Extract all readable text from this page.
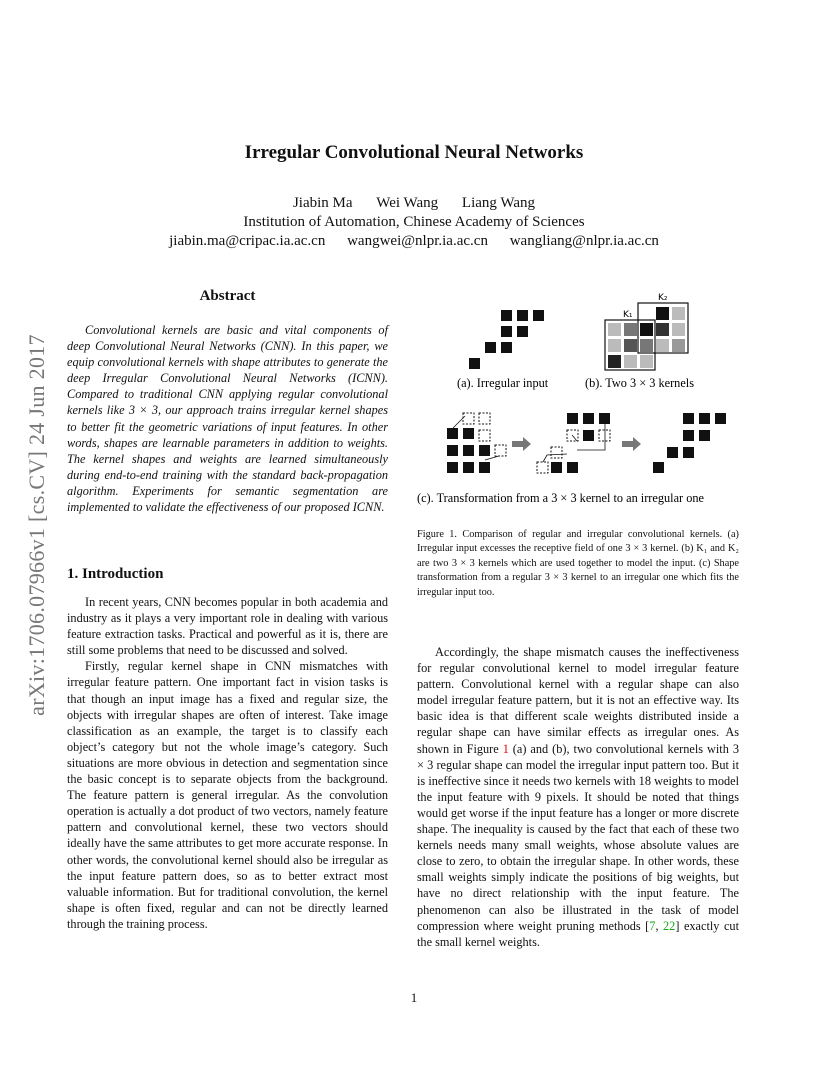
Irregular Convolutional Neural Networks
Jiabin Ma Wei Wang Liang Wang
Institution of Automation, Chinese Academy of Sciences
jiabin.ma@cripac.ia.ac.cn wangwei@nlpr.ia.ac.cn wangliang@nlpr.ia.ac.cn
arXiv:1706.07966v1 [cs.CV] 24 Jun 2017
Abstract

Convolutional kernels are basic and vital components of deep Convolutional Neural Networks (CNN). In this paper, we equip convolutional kernels with shape attributes to generate the deep Irregular Convolutional Neural Networks (ICNN). Compared to traditional CNN applying regular convolutional kernels like 3 × 3, our approach trains irregular kernel shapes to better fit the geometric variations of input features. In other words, shapes are learnable parameters in addition to weights. The kernel shapes and weights are learned simultaneously during end-to-end training with the standard back-propagation algorithm. Experiments for semantic segmentation are implemented to validate the effectiveness of our proposed ICNN.

1. Introduction

In recent years, CNN becomes popular in both academia and industry as it plays a very important role in dealing with various feature extraction tasks. Practical and powerful as it is, there are still some problems that need to be discussed and solved.

Firstly, regular kernel shape in CNN mismatches with irregular feature pattern. One important fact in vision tasks is that though an input image has a fixed and regular size, the objects with irregular shapes are often of interest. Take image classification as an example, the target is to classify each object’s category but not the whole image’s category. Such situations are more obvious in detection and segmentation since the basic concept is to separate objects from the background. The feature pattern is general irregular. As the convolution operation is actually a dot product of two vectors, namely feature pattern and convolutional kernel, these two vectors should ideally have the same attributes to get more accurate response. In other words, the convolutional kernel should also be irregular as the input feature pattern does, so as to better extract most valuable information. But for traditional convolution, the kernel shape is often fixed, regular and can not be directly learned through the training process.

K₁
K₂
(a). Irregular input	(b). Two 3 × 3 kernels
(c). Transformation from a 3 × 3 kernel to an irregular one
Figure 1. Comparison of regular and irregular convolutional kernels. (a) Irregular input excesses the receptive field of one 3 × 3 kernel. (b) K₁ and K₂ are two 3 × 3 kernels which are used together to model the input. (c) Shape transformation from a regular 3 × 3 kernel to an irregular one which fits the irregular input too.

Accordingly, the shape mismatch causes the ineffectiveness for regular convolutional kernel to model irregular feature pattern. Convolutional kernel with a regular shape can also model irregular feature pattern, but it is not an effective way. Its basic idea is that different scale weights distributed inside a regular shape can have similar effects as irregular ones. As shown in Figure 1 (a) and (b), two convolutional kernels with 3 × 3 regular shape can model the irregular input pattern too. But it is ineffective since it needs two kernels with 18 weights to model the input feature with 9 pixels. It should be noted that things would get worse if the input feature has a longer or more discrete shape. The inequality is caused by the fact that each of these two kernels needs many small weights, whose absolute values are close to zero, to obtain the irregular shape. In other words, these small weights simply indicate the positions of big weights, but have no direct relationship with the input feature. The phenomenon can also be illustrated in the task of model compression where weight pruning methods [7, 22] exactly cut the small kernel weights.

1
